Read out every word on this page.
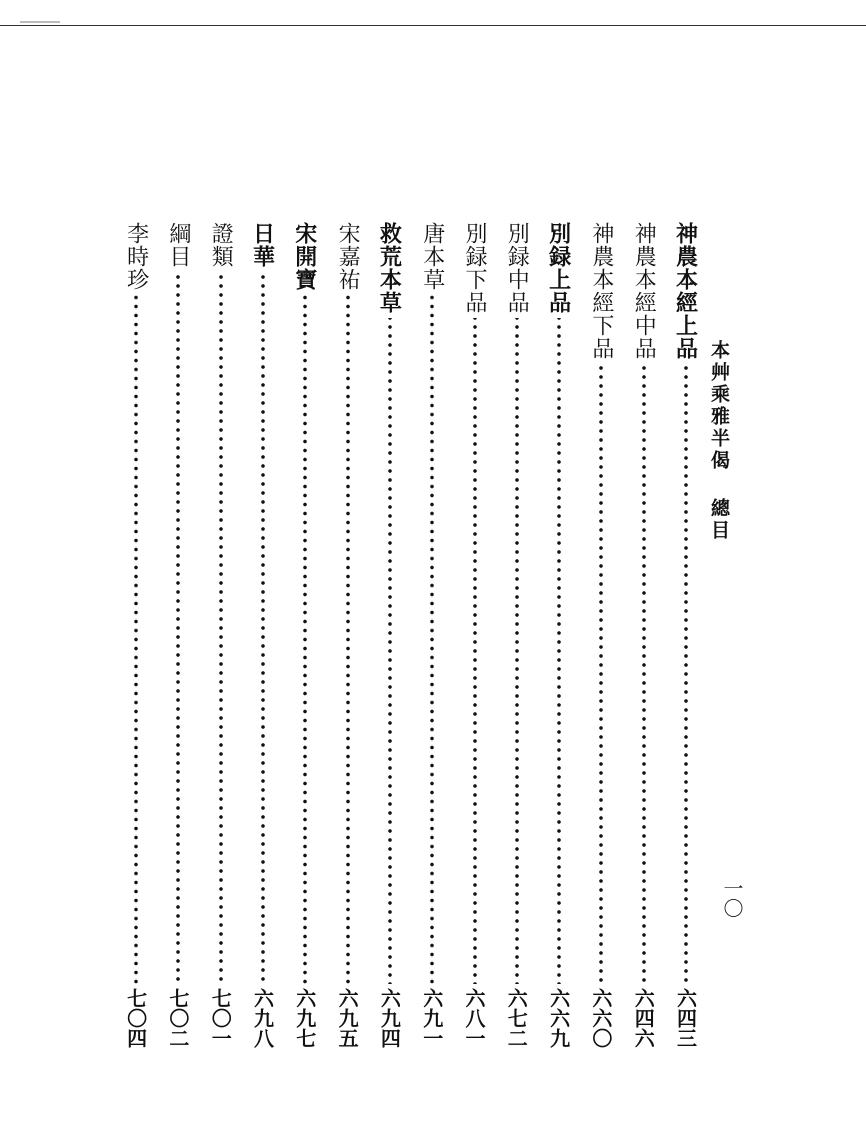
本艸乘雅半偈總目
一〇
神農本經上品
六四三
神農本經中品
六四六
神農本經下品
六六〇
別録上品
六六九
別録中品
六七二
別録下品
六八一
唐本草
六九一
救荒本草
六九四
宋嘉祐
六九五
宋開寶
六九七
日華
六九八
證類
七〇一
綱目
七〇二
李時珍
七〇四
